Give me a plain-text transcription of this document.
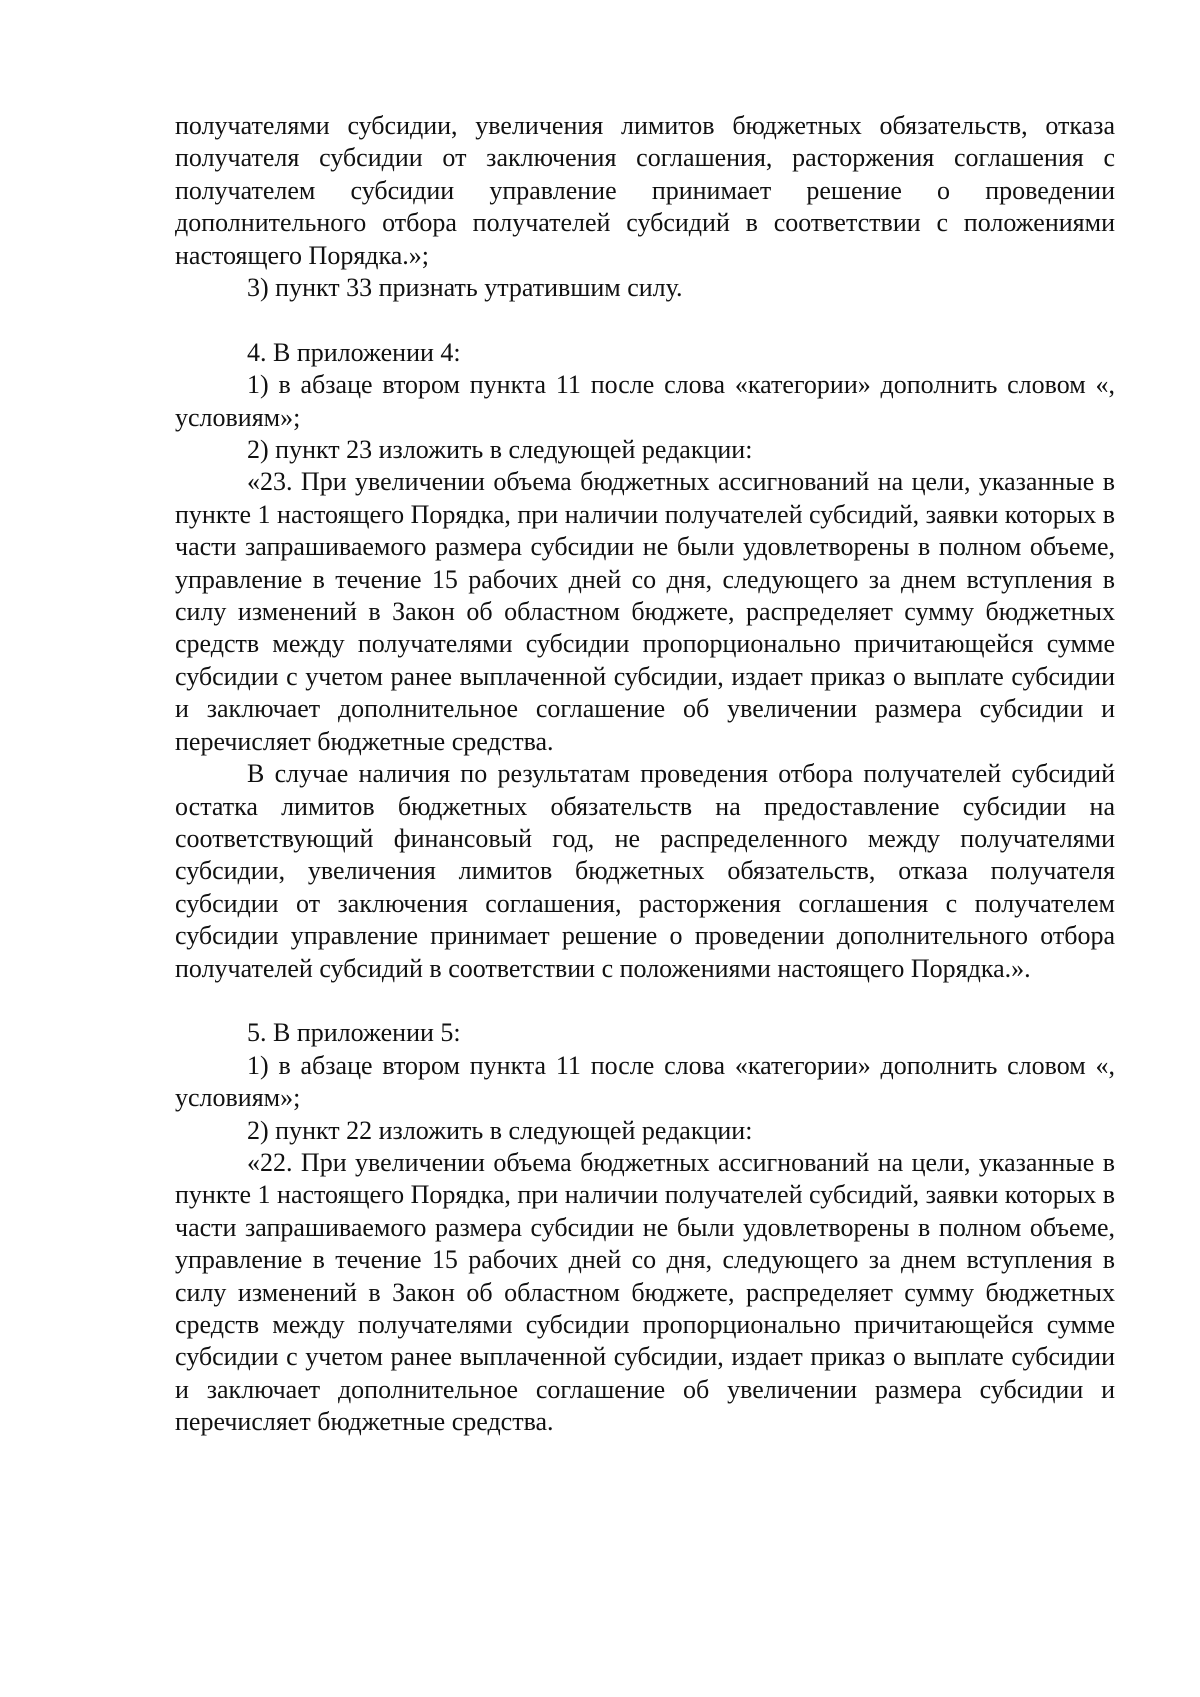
получателями субсидии, увеличения лимитов бюджетных обязательств, отказа получателя субсидии от заключения соглашения, расторжения соглашения с получателем субсидии управление принимает решение о проведении дополнительного отбора получателей субсидий в соответствии с положениями настоящего Порядка.»;

3) пункт 33 признать утратившим силу.

4. В приложении 4:

1) в абзаце втором пункта 11 после слова «категории» дополнить словом «, условиям»;

2) пункт 23 изложить в следующей редакции:

«23. При увеличении объема бюджетных ассигнований на цели, указанные в пункте 1 настоящего Порядка, при наличии получателей субсидий, заявки которых в части запрашиваемого размера субсидии не были удовлетворены в полном объеме, управление в течение 15 рабочих дней со дня, следующего за днем вступления в силу изменений в Закон об областном бюджете, распределяет сумму бюджетных средств между получателями субсидии пропорционально причитающейся сумме субсидии с учетом ранее выплаченной субсидии, издает приказ о выплате субсидии и заключает дополнительное соглашение об увеличении размера субсидии и перечисляет бюджетные средства.

В случае наличия по результатам проведения отбора получателей субсидий остатка лимитов бюджетных обязательств на предоставление субсидии на соответствующий финансовый год, не распределенного между получателями субсидии, увеличения лимитов бюджетных обязательств, отказа получателя субсидии от заключения соглашения, расторжения соглашения с получателем субсидии управление принимает решение о проведении дополнительного отбора получателей субсидий в соответствии с положениями настоящего Порядка.».

5. В приложении 5:

1) в абзаце втором пункта 11 после слова «категории» дополнить словом «, условиям»;

2) пункт 22 изложить в следующей редакции:

«22. При увеличении объема бюджетных ассигнований на цели, указанные в пункте 1 настоящего Порядка, при наличии получателей субсидий, заявки которых в части запрашиваемого размера субсидии не были удовлетворены в полном объеме, управление в течение 15 рабочих дней со дня, следующего за днем вступления в силу изменений в Закон об областном бюджете, распределяет сумму бюджетных средств между получателями субсидии пропорционально причитающейся сумме субсидии с учетом ранее выплаченной субсидии, издает приказ о выплате субсидии и заключает дополнительное соглашение об увеличении размера субсидии и перечисляет бюджетные средства.
